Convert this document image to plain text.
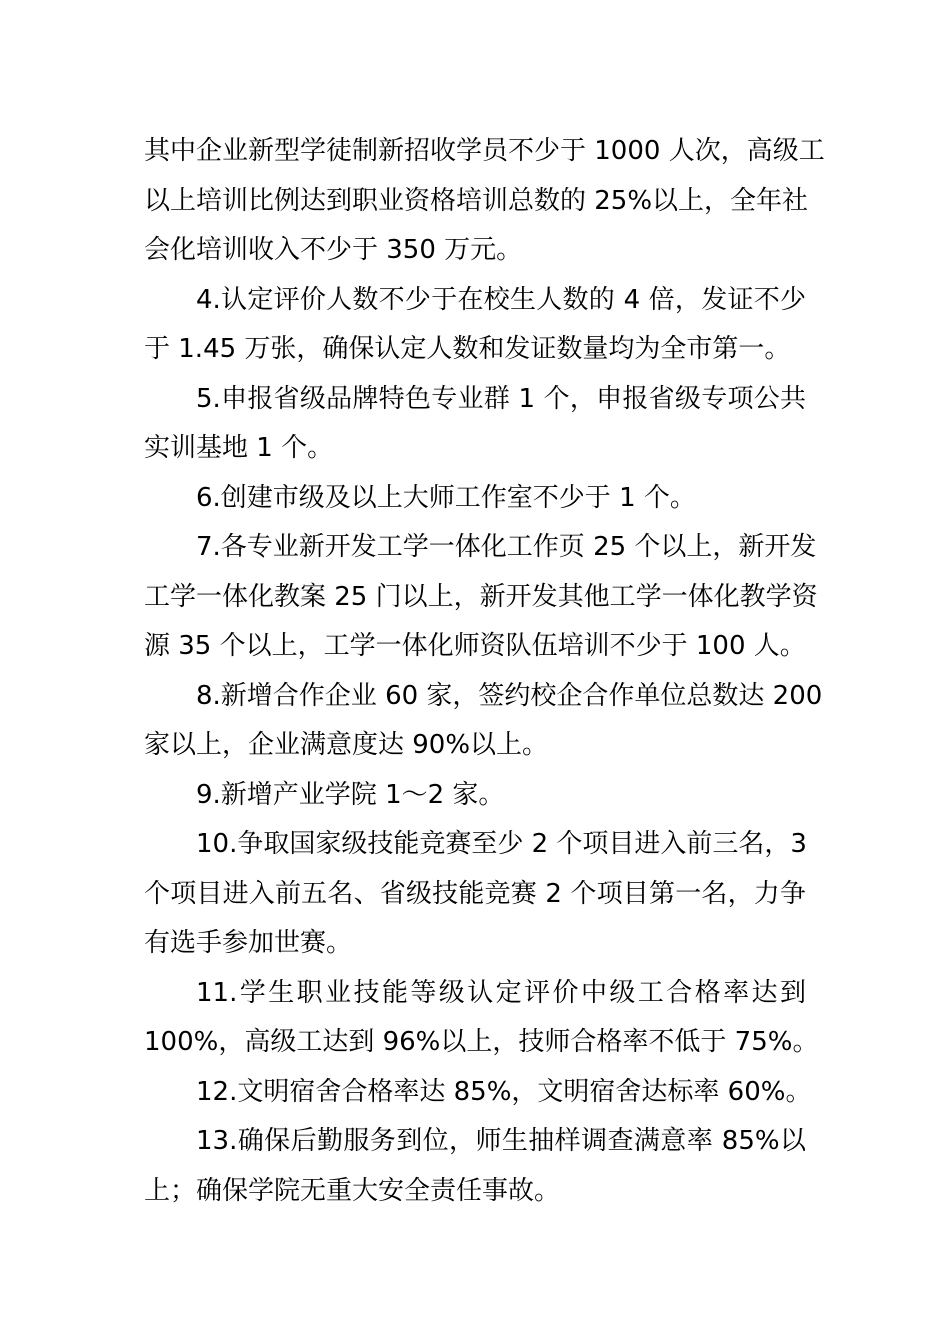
其中企业新型学徒制新招收学员不少于 1000 人次，高级工
以上培训比例达到职业资格培训总数的 25%以上，全年社
会化培训收入不少于 350 万元。

4.认定评价人数不少于在校生人数的 4 倍，发证不少
于 1.45 万张，确保认定人数和发证数量均为全市第一。

5.申报省级品牌特色专业群 1 个，申报省级专项公共
实训基地 1 个。

6.创建市级及以上大师工作室不少于 1 个。

7.各专业新开发工学一体化工作页 25 个以上，新开发
工学一体化教案 25 门以上，新开发其他工学一体化教学资
源 35 个以上，工学一体化师资队伍培训不少于 100 人。

8.新增合作企业 60 家，签约校企合作单位总数达 200
家以上，企业满意度达 90%以上。

9.新增产业学院 1～2 家。

10.争取国家级技能竞赛至少 2 个项目进入前三名，3
个项目进入前五名、省级技能竞赛 2 个项目第一名，力争
有选手参加世赛。

11.学生职业技能等级认定评价中级工合格率达到
100%，高级工达到 96%以上，技师合格率不低于 75%。

12.文明宿舍合格率达 85%，文明宿舍达标率 60%。

13.确保后勤服务到位，师生抽样调查满意率 85%以
上；确保学院无重大安全责任事故。
